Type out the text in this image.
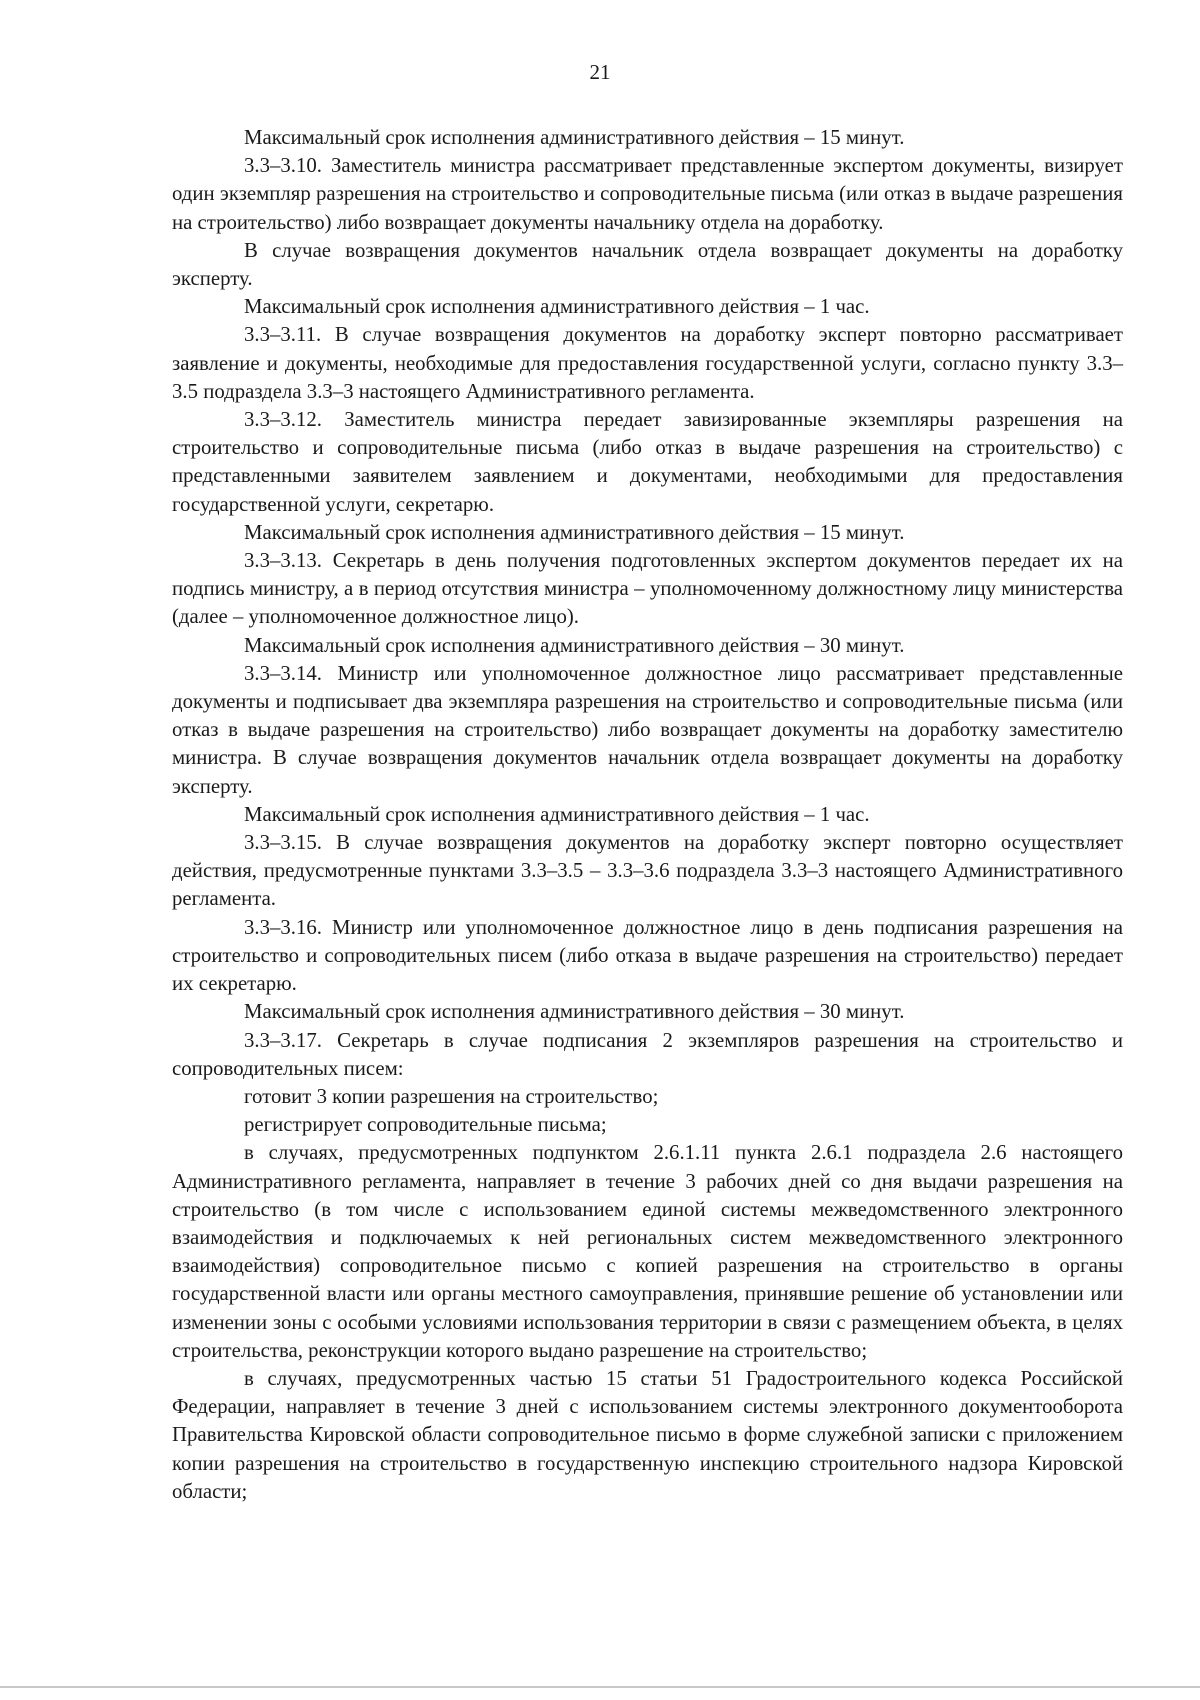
21

Максимальный срок исполнения административного действия – 15 минут.

3.3–3.10. Заместитель министра рассматривает представленные экспертом документы, визирует один экземпляр разрешения на строительство и сопроводительные письма (или отказ в выдаче разрешения на строительство) либо возвращает документы начальнику отдела на доработку.

В случае возвращения документов начальник отдела возвращает документы на доработку эксперту.

Максимальный срок исполнения административного действия – 1 час.

3.3–3.11. В случае возвращения документов на доработку эксперт повторно рассматривает заявление и документы, необходимые для предоставления государственной услуги, согласно пункту 3.3–3.5 подраздела 3.3–3 настоящего Административного регламента.

3.3–3.12. Заместитель министра передает завизированные экземпляры разрешения на строительство и сопроводительные письма (либо отказ в выдаче разрешения на строительство) с представленными заявителем заявлением и документами, необходимыми для предоставления государственной услуги, секретарю.

Максимальный срок исполнения административного действия – 15 минут.

3.3–3.13. Секретарь в день получения подготовленных экспертом документов передает их на подпись министру, а в период отсутствия министра – уполномоченному должностному лицу министерства (далее – уполномоченное должностное лицо).

Максимальный срок исполнения административного действия – 30 минут.

3.3–3.14. Министр или уполномоченное должностное лицо рассматривает представленные документы и подписывает два экземпляра разрешения на строительство и сопроводительные письма (или отказ в выдаче разрешения на строительство) либо возвращает документы на доработку заместителю министра. В случае возвращения документов начальник отдела возвращает документы на доработку эксперту.

Максимальный срок исполнения административного действия – 1 час.

3.3–3.15. В случае возвращения документов на доработку эксперт повторно осуществляет действия, предусмотренные пунктами 3.3–3.5 – 3.3–3.6 подраздела 3.3–3 настоящего Административного регламента.

3.3–3.16. Министр или уполномоченное должностное лицо в день подписания разрешения на строительство и сопроводительных писем (либо отказа в выдаче разрешения на строительство) передает их секретарю.

Максимальный срок исполнения административного действия – 30 минут.

3.3–3.17. Секретарь в случае подписания 2 экземпляров разрешения на строительство и сопроводительных писем:

готовит 3 копии разрешения на строительство;

регистрирует сопроводительные письма;

в случаях, предусмотренных подпунктом 2.6.1.11 пункта 2.6.1 подраздела 2.6 настоящего Административного регламента, направляет в течение 3 рабочих дней со дня выдачи разрешения на строительство (в том числе с использованием единой системы межведомственного электронного взаимодействия и подключаемых к ней региональных систем межведомственного электронного взаимодействия) сопроводительное письмо с копией разрешения на строительство в органы государственной власти или органы местного самоуправления, принявшие решение об установлении или изменении зоны с особыми условиями использования территории в связи с размещением объекта, в целях строительства, реконструкции которого выдано разрешение на строительство;

в случаях, предусмотренных частью 15 статьи 51 Градостроительного кодекса Российской Федерации, направляет в течение 3 дней с использованием системы электронного документооборота Правительства Кировской области сопроводительное письмо в форме служебной записки с приложением копии разрешения на строительство в государственную инспекцию строительного надзора Кировской области;
